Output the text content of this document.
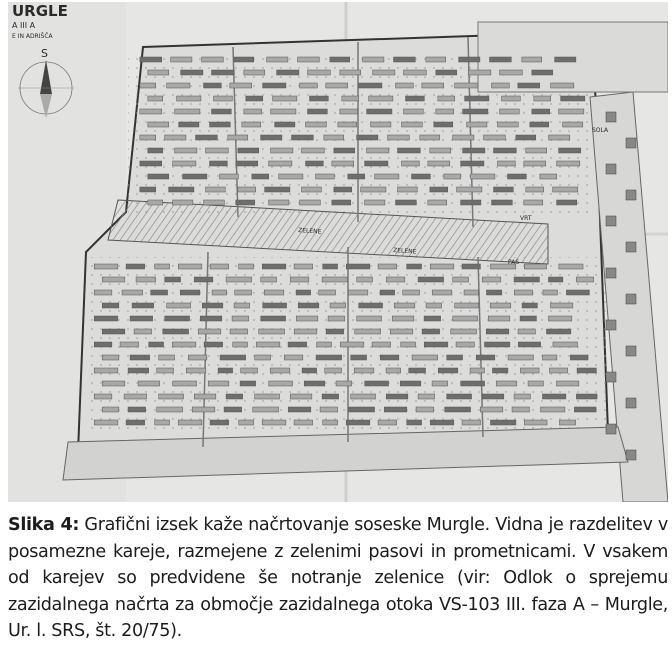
S
URGLE
A III A
E IN ADRIŠČA
ZELENE
ZELENE
PAS
SOLA
VRT

Slika 4: Grafični izsek kaže načrtovanje soseske Murgle. Vidna je razdelitev v posamezne kareje, razmejene z zelenimi pasovi in prometnicami. V vsakem od karejev so predvidene še notranje zelenice (vir: Odlok o sprejemu zazidalnega načrta za območje zazidalnega otoka VS-103 III. faza A – Murgle, Ur. l. SRS, št. 20/75).
